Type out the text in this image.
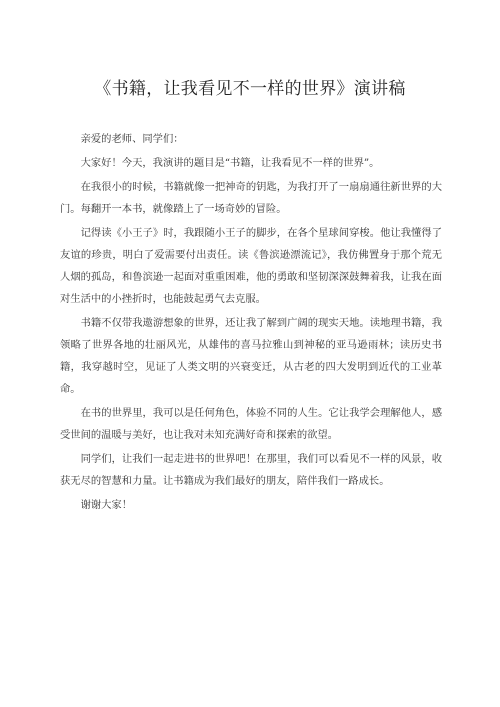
《书籍，让我看见不一样的世界》演讲稿

亲爱的老师、同学们：

大家好！今天，我演讲的题目是“书籍，让我看见不一样的世界”。

在我很小的时候，书籍就像一把神奇的钥匙，为我打开了一扇扇通往新世界的大门。每翻开一本书，就像踏上了一场奇妙的冒险。

记得读《小王子》时，我跟随小王子的脚步，在各个星球间穿梭。他让我懂得了友谊的珍贵，明白了爱需要付出责任。读《鲁滨逊漂流记》，我仿佛置身于那个荒无人烟的孤岛，和鲁滨逊一起面对重重困难，他的勇敢和坚韧深深鼓舞着我，让我在面对生活中的小挫折时，也能鼓起勇气去克服。

书籍不仅带我遨游想象的世界，还让我了解到广阔的现实天地。读地理书籍，我领略了世界各地的壮丽风光，从雄伟的喜马拉雅山到神秘的亚马逊雨林；读历史书籍，我穿越时空，见证了人类文明的兴衰变迁，从古老的四大发明到近代的工业革命。

在书的世界里，我可以是任何角色，体验不同的人生。它让我学会理解他人，感受世间的温暖与美好，也让我对未知充满好奇和探索的欲望。

同学们，让我们一起走进书的世界吧！在那里，我们可以看见不一样的风景，收获无尽的智慧和力量。让书籍成为我们最好的朋友，陪伴我们一路成长。

谢谢大家！
